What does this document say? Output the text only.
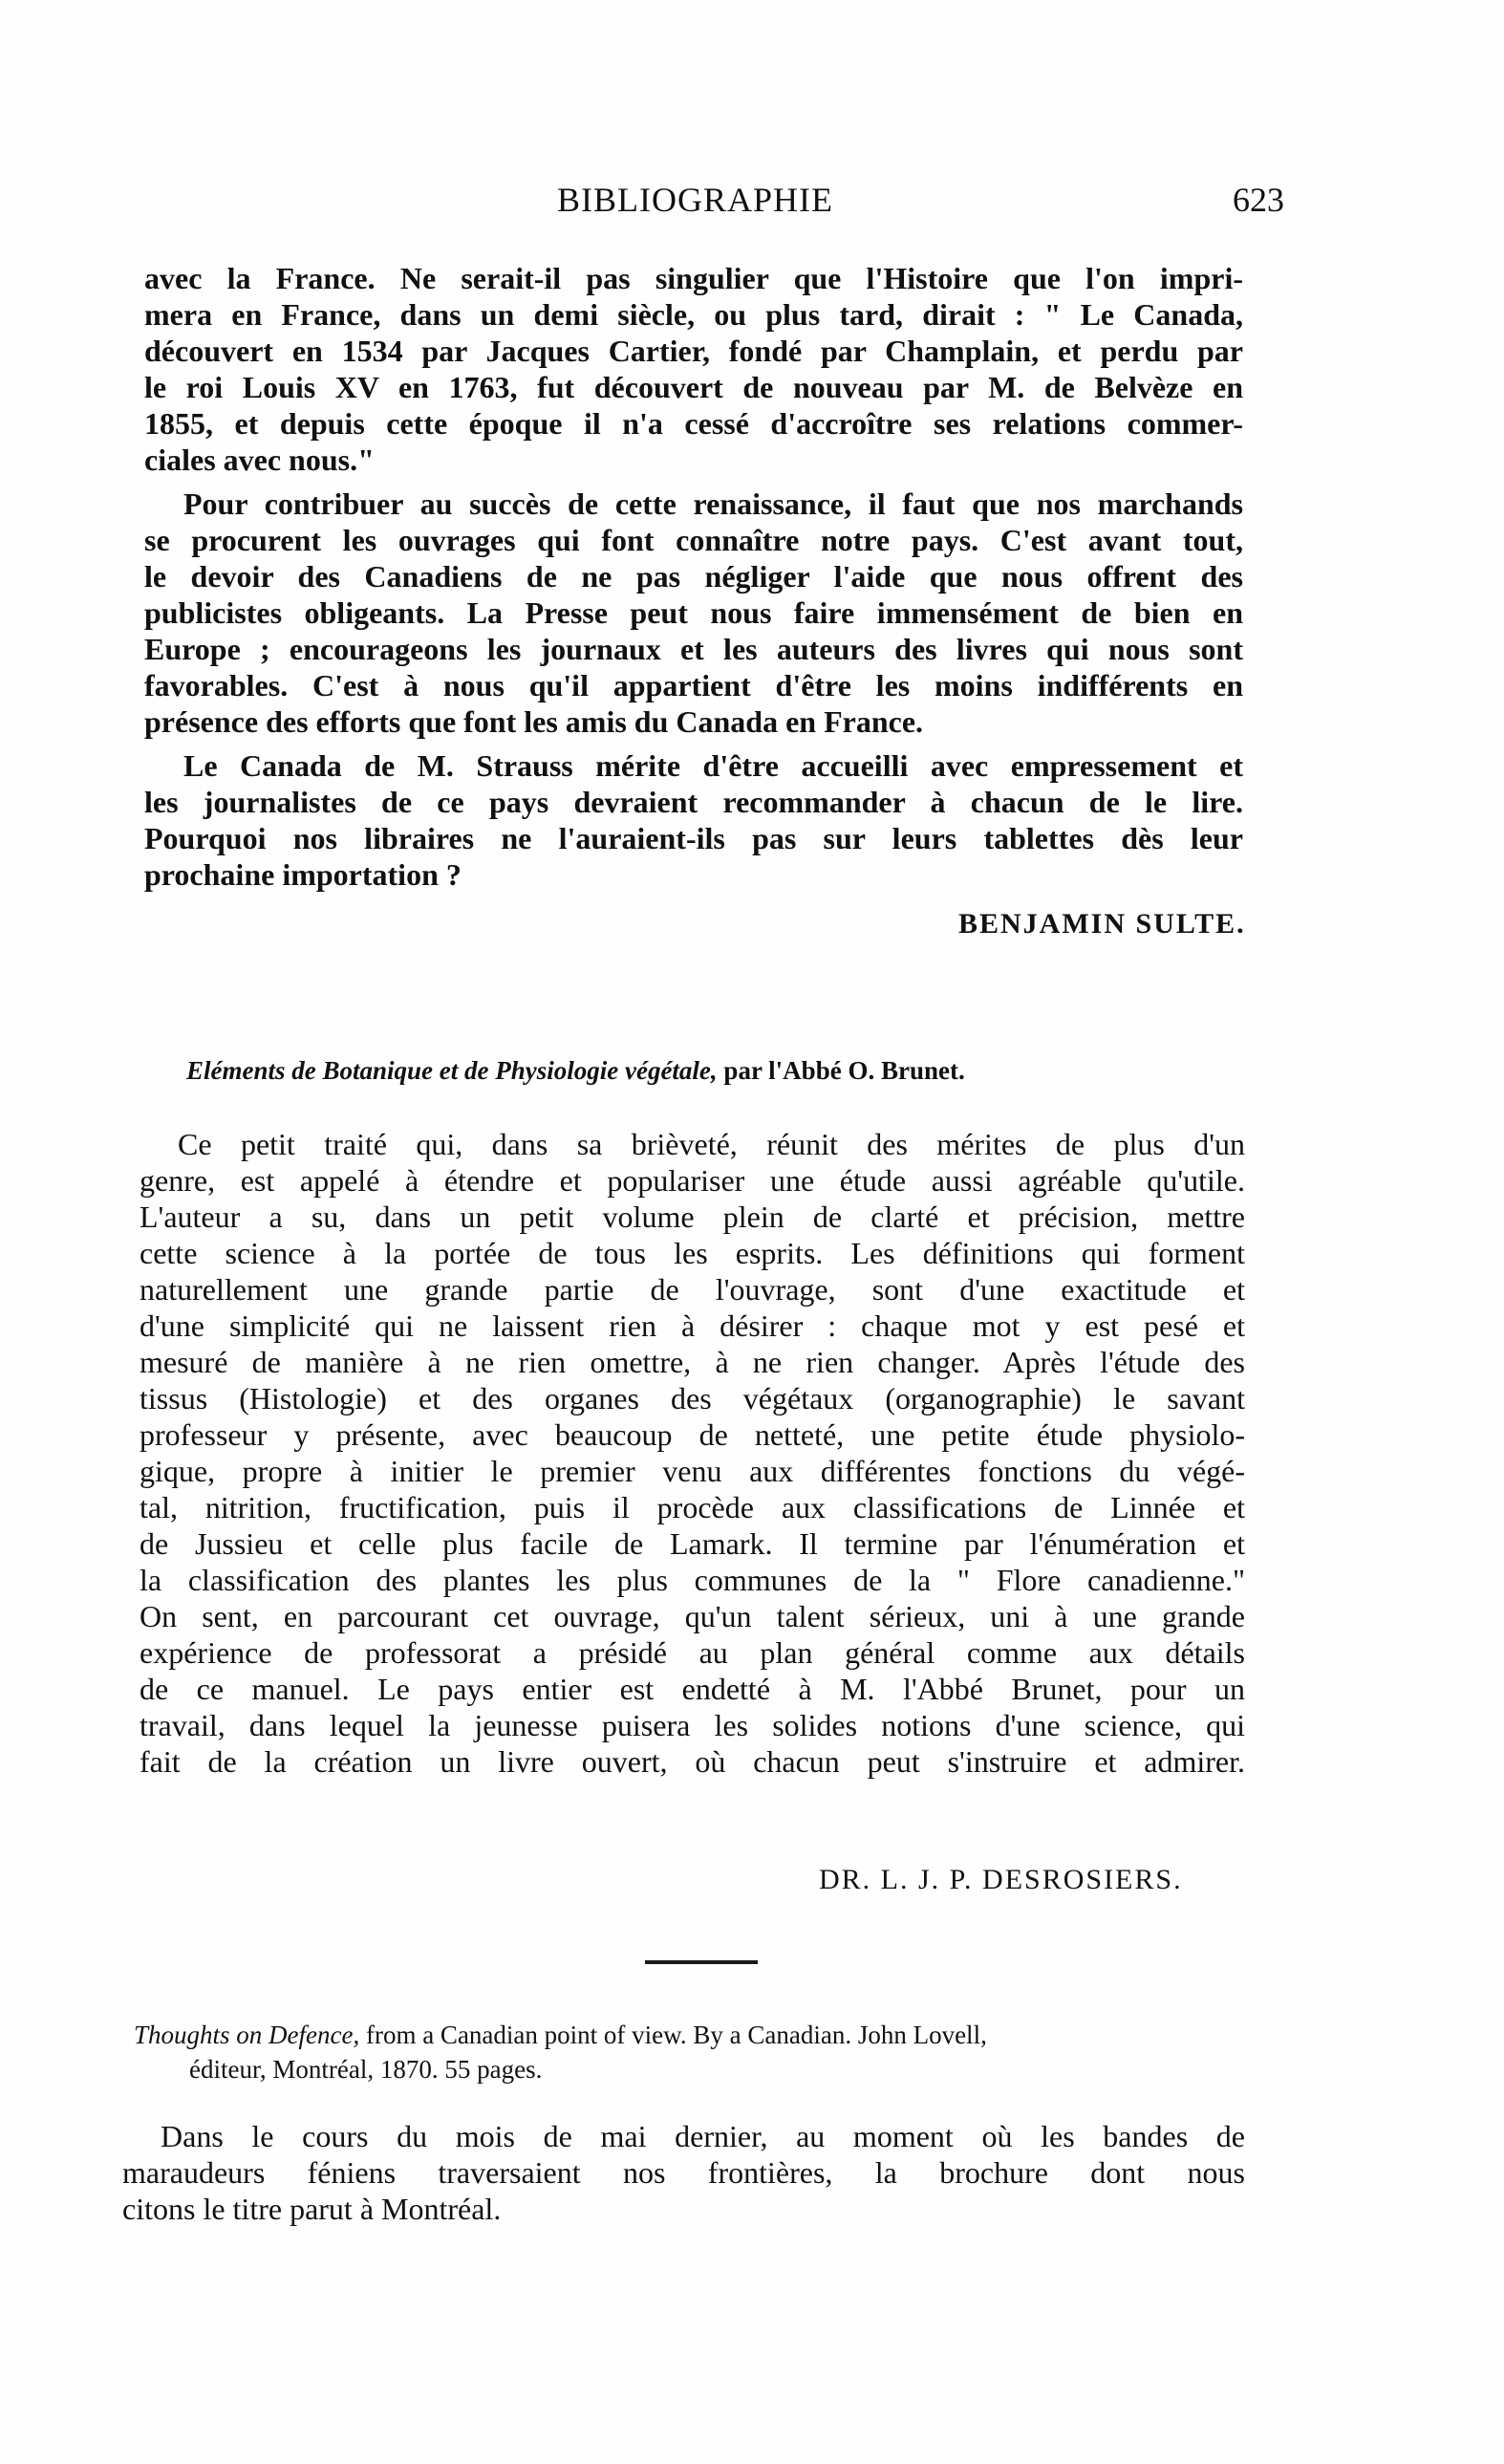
BIBLIOGRAPHIE	623
avec la France. Ne serait-il pas singulier que l'Histoire que l'on impri-
mera en France, dans un demi siècle, ou plus tard, dirait : " Le Canada,
découvert en 1534 par Jacques Cartier, fondé par Champlain, et perdu par
le roi Louis XV en 1763, fut découvert de nouveau par M. de Belvèze en
1855, et depuis cette époque il n'a cessé d'accroître ses relations commer-
ciales avec nous."
Pour contribuer au succès de cette renaissance, il faut que nos marchands
se procurent les ouvrages qui font connaître notre pays. C'est avant tout,
le devoir des Canadiens de ne pas négliger l'aide que nous offrent des
publicistes obligeants. La Presse peut nous faire immensément de bien en
Europe ; encourageons les journaux et les auteurs des livres qui nous sont
favorables. C'est à nous qu'il appartient d'être les moins indifférents en
présence des efforts que font les amis du Canada en France.
Le Canada de M. Strauss mérite d'être accueilli avec empressement et
les journalistes de ce pays devraient recommander à chacun de le lire.
Pourquoi nos libraires ne l'auraient-ils pas sur leurs tablettes dès leur
prochaine importation ?
BENJAMIN SULTE.
Eléments de Botanique et de Physiologie végétale, par l'Abbé O. Brunet.
Ce petit traité qui, dans sa brièveté, réunit des mérites de plus d'un
genre, est appelé à étendre et populariser une étude aussi agréable qu'utile.
L'auteur a su, dans un petit volume plein de clarté et précision, mettre
cette science à la portée de tous les esprits. Les définitions qui forment
naturellement une grande partie de l'ouvrage, sont d'une exactitude et
d'une simplicité qui ne laissent rien à désirer : chaque mot y est pesé et
mesuré de manière à ne rien omettre, à ne rien changer. Après l'étude des
tissus (Histologie) et des organes des végétaux (organographie) le savant
professeur y présente, avec beaucoup de netteté, une petite étude physiolo-
gique, propre à initier le premier venu aux différentes fonctions du végé-
tal, nitrition, fructification, puis il procède aux classifications de Linnée et
de Jussieu et celle plus facile de Lamark. Il termine par l'énumération et
la classification des plantes les plus communes de la " Flore canadienne."
On sent, en parcourant cet ouvrage, qu'un talent sérieux, uni à une grande
expérience de professorat a présidé au plan général comme aux détails
de ce manuel. Le pays entier est endetté à M. l'Abbé Brunet, pour un
travail, dans lequel la jeunesse puisera les solides notions d'une science, qui
fait de la création un livre ouvert, où chacun peut s'instruire et admirer.
DR. L. J. P. DESROSIERS.
Thoughts on Defence, from a Canadian point of view. By a Canadian. John Lovell,
éditeur, Montréal, 1870. 55 pages.
Dans le cours du mois de mai dernier, au moment où les bandes de
maraudeurs féniens traversaient nos frontières, la brochure dont nous
citons le titre parut à Montréal.
